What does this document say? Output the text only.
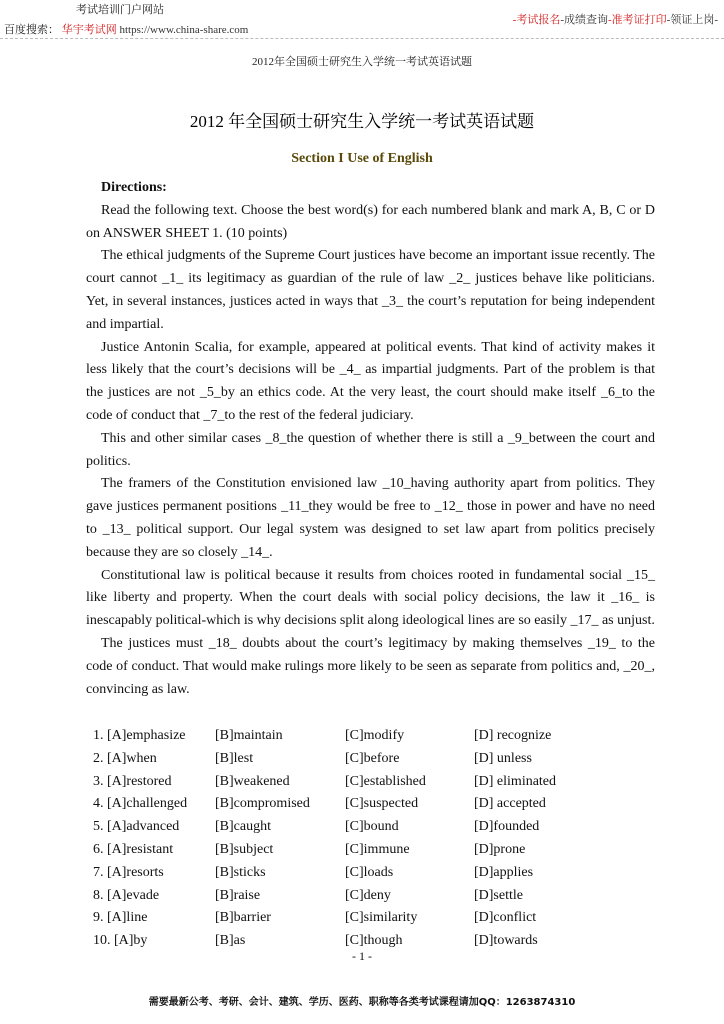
考试培训门户网站
百度搜索： 华宇考试网 https://www.china-share.com
-考试报名-成绩查询-准考证打印-领证上岗-
2012年全国硕士研究生入学统一考试英语试题
2012 年全国硕士研究生入学统一考试英语试题
Section I Use of English

Directions:

Read the following text. Choose the best word(s) for each numbered blank and mark A, B, C or D on ANSWER SHEET 1. (10 points)

The ethical judgments of the Supreme Court justices have become an important issue recently. The court cannot _1_ its legitimacy as guardian of the rule of law _2_ justices behave like politicians. Yet, in several instances, justices acted in ways that _3_ the court’s reputation for being independent and impartial.

Justice Antonin Scalia, for example, appeared at political events. That kind of activity makes it less likely that the court’s decisions will be _4_ as impartial judgments. Part of the problem is that the justices are not _5_by an ethics code. At the very least, the court should make itself _6_to the code of conduct that _7_to the rest of the federal judiciary.

This and other similar cases _8_the question of whether there is still a _9_between the court and politics.

The framers of the Constitution envisioned law _10_having authority apart from politics. They gave justices permanent positions _11_they would be free to _12_ those in power and have no need to _13_ political support. Our legal system was designed to set law apart from politics precisely because they are so closely _14_.

Constitutional law is political because it results from choices rooted in fundamental social _15_ like liberty and property. When the court deals with social policy decisions, the law it _16_ is inescapably political-which is why decisions split along ideological lines are so easily _17_ as unjust.

The justices must _18_ doubts about the court’s legitimacy by making themselves _19_ to the code of conduct. That would make rulings more likely to be seen as separate from politics and, _20_, convincing as law.

1. [A]emphasize	[B]maintain	[C]modify	[D] recognize
2. [A]when	[B]lest	[C]before	[D] unless
3. [A]restored	[B]weakened	[C]established	[D] eliminated
4. [A]challenged	[B]compromised	[C]suspected	[D] accepted
5. [A]advanced	[B]caught	[C]bound	[D]founded
6. [A]resistant	[B]subject	[C]immune	[D]prone
7. [A]resorts	[B]sticks	[C]loads	[D]applies
8. [A]evade	[B]raise	[C]deny	[D]settle
9. [A]line	[B]barrier	[C]similarity	[D]conflict
10. [A]by	[B]as	[C]though	[D]towards
- 1 -
需要最新公考、考研、会计、建筑、学历、医药、职称等各类考试课程请加QQ：1263874310
